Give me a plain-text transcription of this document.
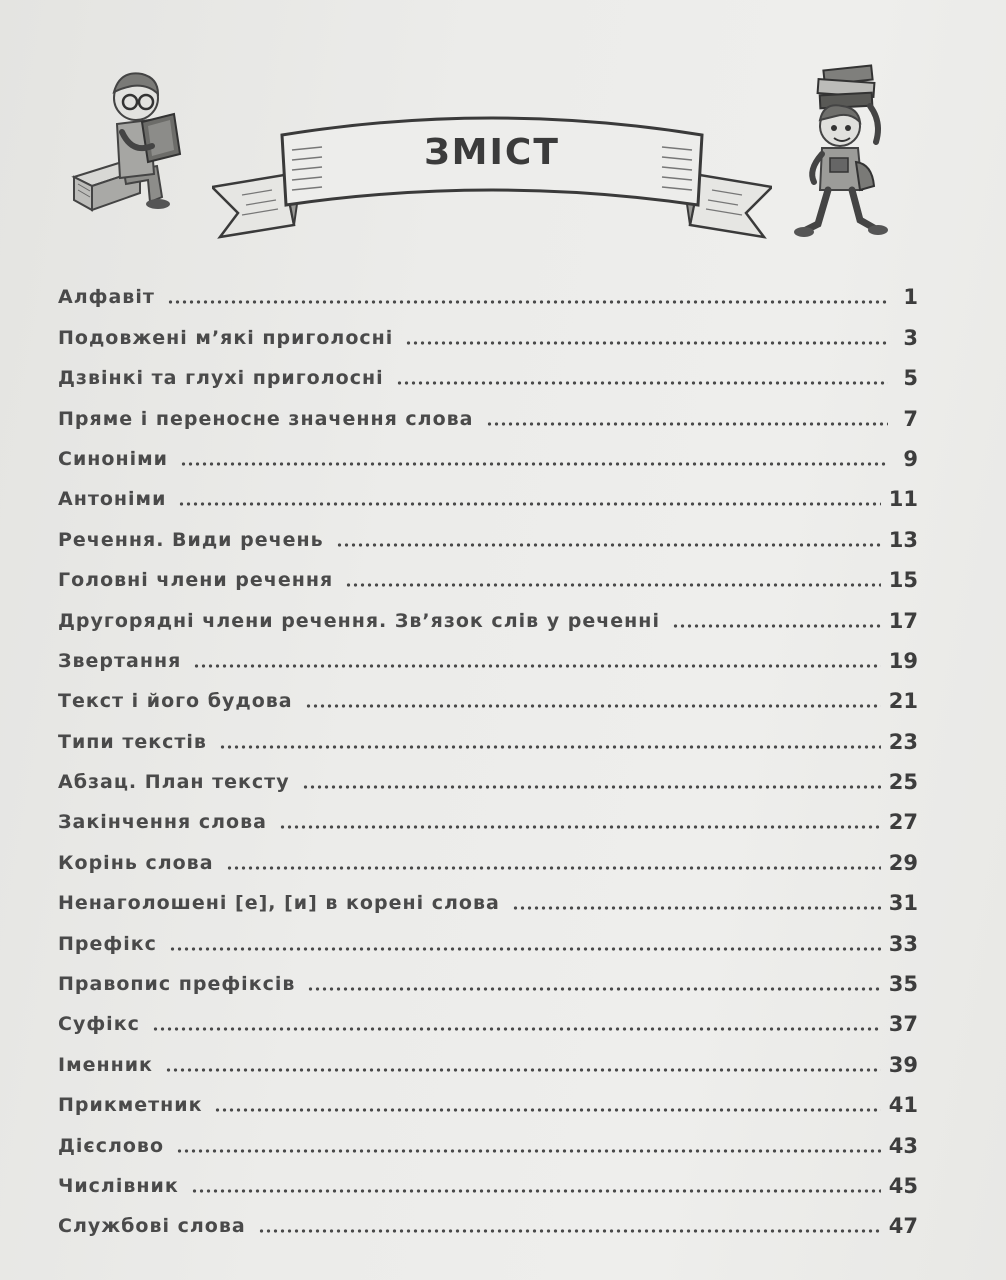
ЗМІСТ
Алфавіт	1
Подовжені м’які приголосні	3
Дзвінкі та глухі приголосні	5
Пряме і переносне значення слова	7
Синоніми	9
Антоніми	11
Речення. Види речень	13
Головні члени речення	15
Другорядні члени речення. Зв’язок слів у реченні	17
Звертання	19
Текст і його будова	21
Типи текстів	23
Абзац. План тексту	25
Закінчення слова	27
Корінь слова	29
Ненаголошені [е], [и] в корені слова	31
Префікс	33
Правопис префіксів	35
Суфікс	37
Іменник	39
Прикметник	41
Дієслово	43
Числівник	45
Службові слова	47
